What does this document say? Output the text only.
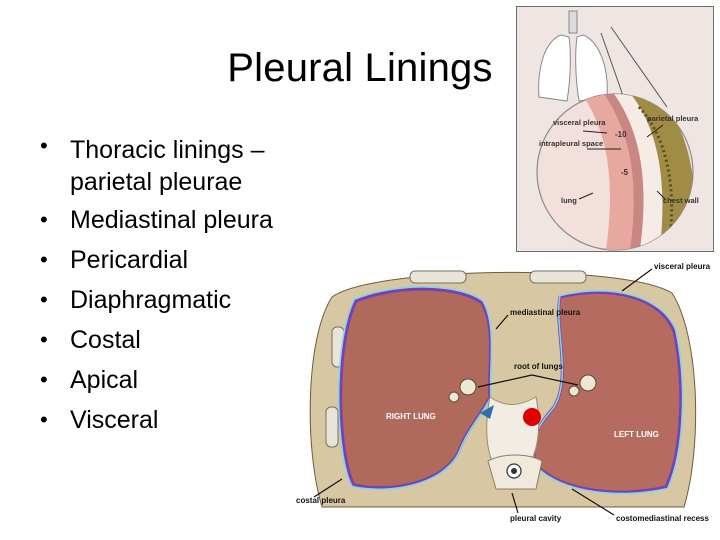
Pleural Linings
• Thoracic linings – parietal pleurae
• Mediastinal pleura
• Pericardial
• Diaphragmatic
• Costal
• Apical
• Visceral
visceral pleura	parietal pleura
intrapleural space
-10
-5
lung	chest wall
visceral pleura
mediastinal pleura
root of lungs
RIGHT LUNG
LEFT LUNG
costal pleura
pleural cavity	costomediastinal recess
